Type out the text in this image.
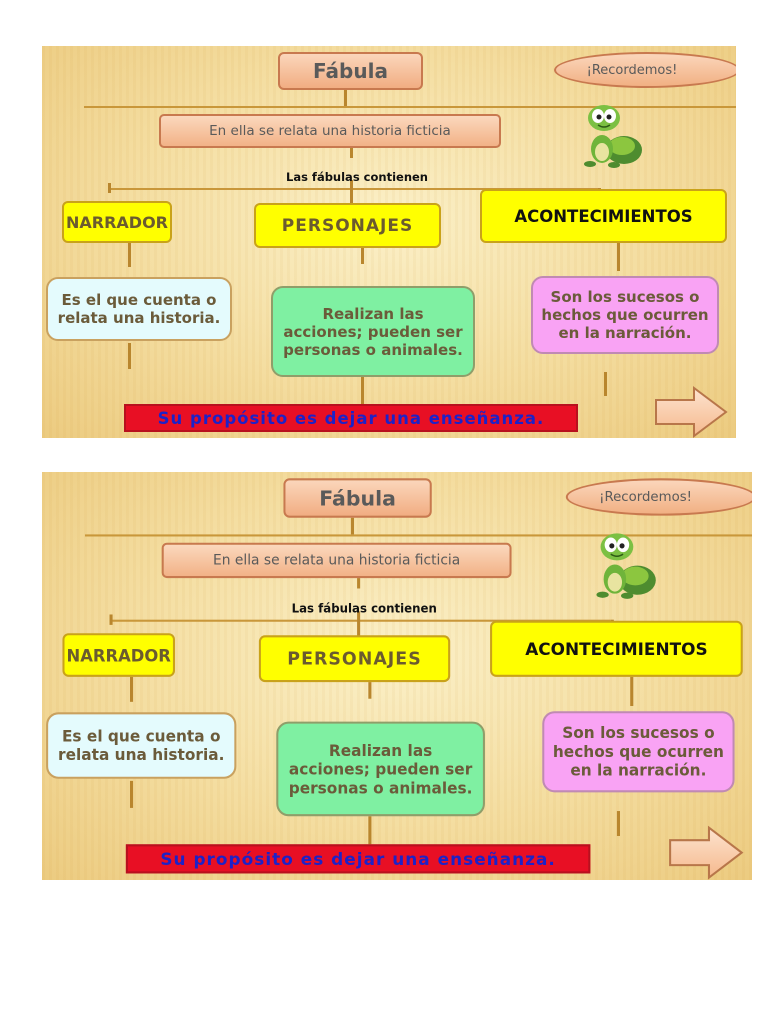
Fábula
En ella se relata una historia ficticia
¡Recordemos!
Las fábulas contienen
NARRADOR	PERSONAJES	ACONTECIMIENTOS
Es el que cuenta o relata una historia.	Realizan las acciones; pueden ser personas o animales.
Son los sucesos o hechos que ocurren en la narración.
Su propósito es dejar una enseñanza.
Fábula
En ella se relata una historia ficticia
¡Recordemos!
Las fábulas contienen
NARRADOR	PERSONAJES	ACONTECIMIENTOS
Es el que cuenta o relata una historia.	Realizan las acciones; pueden ser personas o animales.
Son los sucesos o hechos que ocurren en la narración.
Su propósito es dejar una enseñanza.
